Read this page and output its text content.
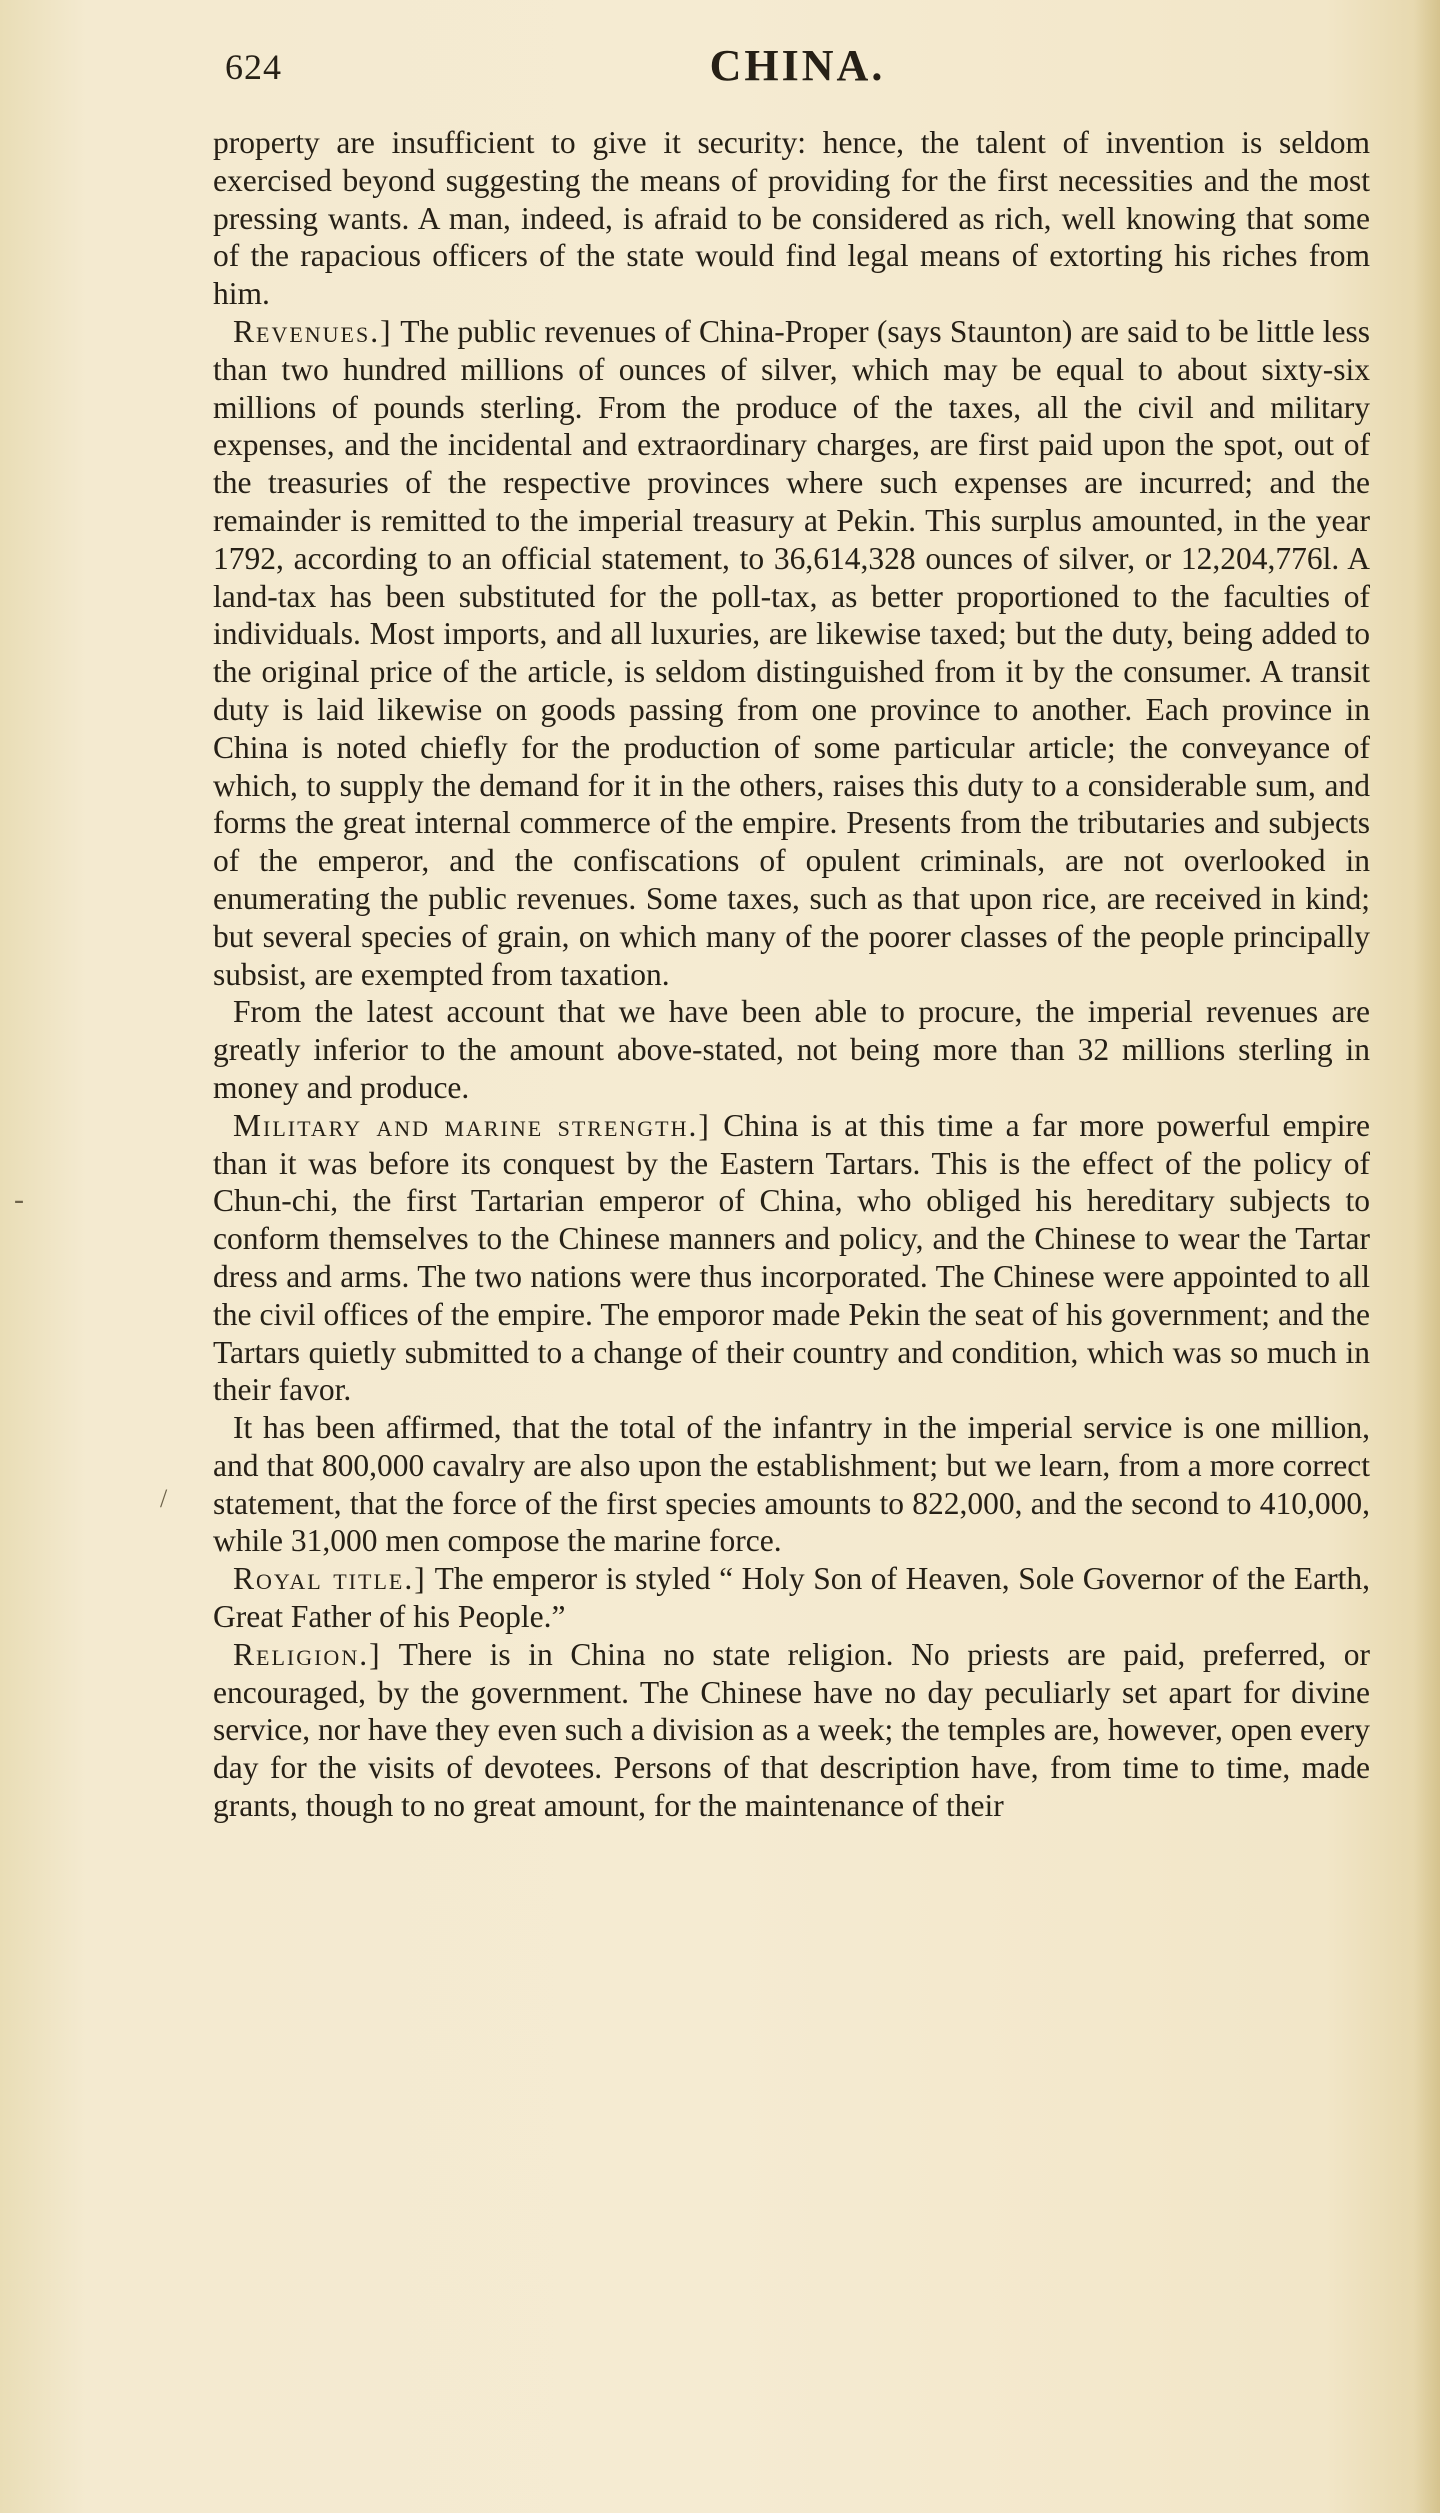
624	CHINA.
-
/

property are insufficient to give it security: hence, the talent of invention is seldom exercised beyond suggesting the means of providing for the first necessities and the most pressing wants. A man, indeed, is afraid to be considered as rich, well knowing that some of the rapacious officers of the state would find legal means of extorting his riches from him.

Revenues.] The public revenues of China-Proper (says Staunton) are said to be little less than two hundred millions of ounces of silver, which may be equal to about sixty-six millions of pounds sterling. From the produce of the taxes, all the civil and military expenses, and the incidental and extraordinary charges, are first paid upon the spot, out of the treasuries of the respective provinces where such expenses are incurred; and the remainder is remitted to the imperial treasury at Pekin. This surplus amounted, in the year 1792, according to an official statement, to 36,614,328 ounces of silver, or 12,204,776l. A land-tax has been substituted for the poll-tax, as better proportioned to the faculties of individuals. Most imports, and all luxuries, are likewise taxed; but the duty, being added to the original price of the article, is seldom distinguished from it by the consumer. A transit duty is laid likewise on goods passing from one province to another. Each province in China is noted chiefly for the production of some particular article; the conveyance of which, to supply the demand for it in the others, raises this duty to a considerable sum, and forms the great internal commerce of the empire. Presents from the tributaries and subjects of the emperor, and the confiscations of opulent criminals, are not overlooked in enumerating the public revenues. Some taxes, such as that upon rice, are received in kind; but several species of grain, on which many of the poorer classes of the people principally subsist, are exempted from taxation.

From the latest account that we have been able to procure, the imperial revenues are greatly inferior to the amount above-stated, not being more than 32 millions sterling in money and produce.

Military and marine strength.] China is at this time a far more powerful empire than it was before its conquest by the Eastern Tartars. This is the effect of the policy of Chun-chi, the first Tartarian emperor of China, who obliged his hereditary subjects to conform themselves to the Chinese manners and policy, and the Chinese to wear the Tartar dress and arms. The two nations were thus incorporated. The Chinese were appointed to all the civil offices of the empire. The emporor made Pekin the seat of his government; and the Tartars quietly submitted to a change of their country and condition, which was so much in their favor.

It has been affirmed, that the total of the infantry in the imperial service is one million, and that 800,000 cavalry are also upon the establishment; but we learn, from a more correct statement, that the force of the first species amounts to 822,000, and the second to 410,000, while 31,000 men compose the marine force.

Royal title.] The emperor is styled “ Holy Son of Heaven, Sole Governor of the Earth, Great Father of his People.”

Religion.] There is in China no state religion. No priests are paid, preferred, or encouraged, by the government. The Chinese have no day peculiarly set apart for divine service, nor have they even such a division as a week; the temples are, however, open every day for the visits of devotees. Persons of that description have, from time to time, made grants, though to no great amount, for the maintenance of their
